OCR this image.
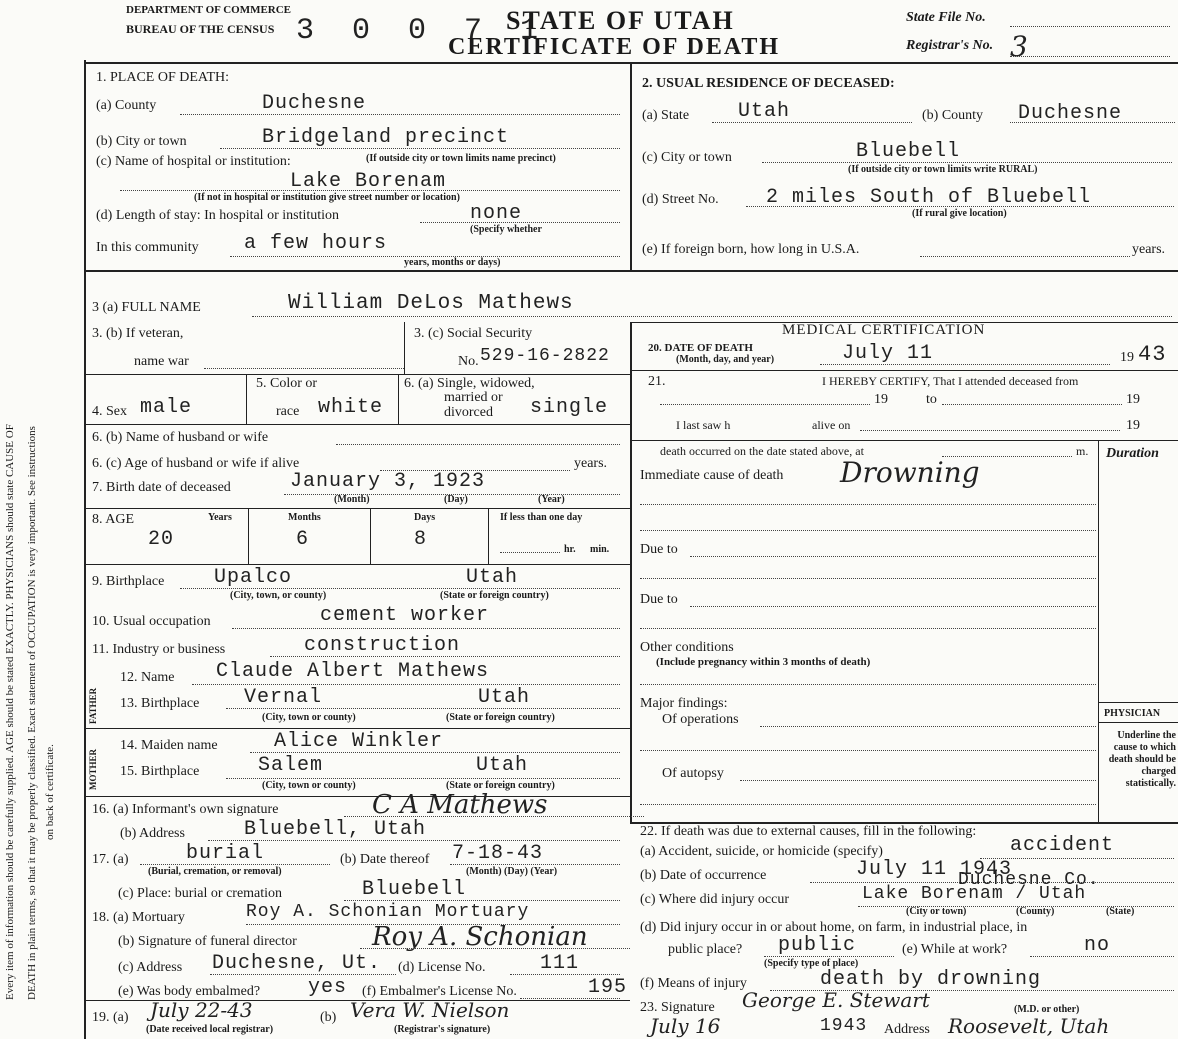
Every item of information should be carefully supplied. AGE should be stated EXACTLY. PHYSICIANS should state CAUSE OF DEATH in plain terms, so that it may be properly classified. Exact statement of OCCUPATION is very important. See instructions on back of certificate.
DEPARTMENT OF COMMERCE
BUREAU OF THE CENSUS 3 0 0 7 1
STATE OF UTAH
CERTIFICATE OF DEATH
State File No.
Registrar's No. 3
1. PLACE OF DEATH:
(a) County	Duchesne
(b) City or town	Bridgeland precinct
(c) Name of hospital or institution:	(If outside city or town limits name precinct)
Lake Borenam
(If not in hospital or institution give street number or location)
(d) Length of stay: In hospital or institution	none
(Specify whether
In this community a few hours
years, months or days)
2. USUAL RESIDENCE OF DECEASED:
(a) State Utah	(b) County Duchesne
(c) City or town	Bluebell
(If outside city or town limits write RURAL)
(d) Street No. 2 miles South of Bluebell
(If rural give location)
(e) If foreign born, how long in U.S.A.	years.
3 (a) FULL NAME	William DeLos Mathews
3. (b) If veteran,
name war
3. (c) Social Security
No. 529-16-2822
4. Sex male
5. Color or
race white
6. (a) Single, widowed,
married or
divorced single
6. (b) Name of husband or wife
6. (c) Age of husband or wife if alive	years.
7. Birth date of deceased	January 3, 1923
(Month)	(Day)	(Year)
8. AGE	Years	Months	Days	If less than one day
20	6	8	hr. min.
9. Birthplace Upalco	Utah
(City, town, or county)	(State or foreign country)
10. Usual occupation	cement worker
11. Industry or business	construction
FATHER
12. Name Claude Albert Mathews
13. Birthplace Vernal	Utah
(City, town or county)	(State or foreign country)
MOTHER
14. Maiden name	Alice Winkler
15. Birthplace	Salem	Utah
(City, town or county)	(State or foreign country)
16. (a) Informant's own signature	C A Mathews
(b) Address	Bluebell, Utah
17. (a)	burial
(Burial, cremation, or removal)
(b) Date thereof 7-18-43
(Month) (Day) (Year)
(c) Place: burial or cremation	Bluebell
18. (a) Mortuary	Roy A. Schonian Mortuary
(b) Signature of funeral director	Roy A. Schonian
(c) Address Duchesne, Ut. (d) License No.	111
(e) Was body embalmed? yes (f) Embalmer's License No.	195
19. (a) July 22-43
(Date received local registrar)
(b) Vera W. Nielson
(Registrar's signature)
MEDICAL CERTIFICATION
20. DATE OF DEATH
(Month, day, and year)	July 11	19 43
21.	I HEREBY CERTIFY, That I attended deceased from
19	to	19
I last saw h	alive on	19
death occurred on the date stated above, at	m. Duration
Immediate cause of death Drowning
Due to
Due to
Other conditions
(Include pregnancy within 3 months of death)
Major findings:
Of operations
Of autopsy
PHYSICIAN
Underline the cause to which death should be charged statistically.
22. If death was due to external causes, fill in the following:
(a) Accident, suicide, or homicide (specify)	accident
(b) Date of occurrence	July 11 1943
(c) Where did injury occur	Lake Borenam / Utah
Duchesne Co.
(City or town)	(County)	(State)
(d) Did injury occur in or about home, on farm, in industrial place, in
public place? public
(Specify type of place)
(e) While at work?	no
(f) Means of injury	death by drowning
23. Signature George E. Stewart	(M.D. or other)
July 16	1943 Address Roosevelt, Utah
